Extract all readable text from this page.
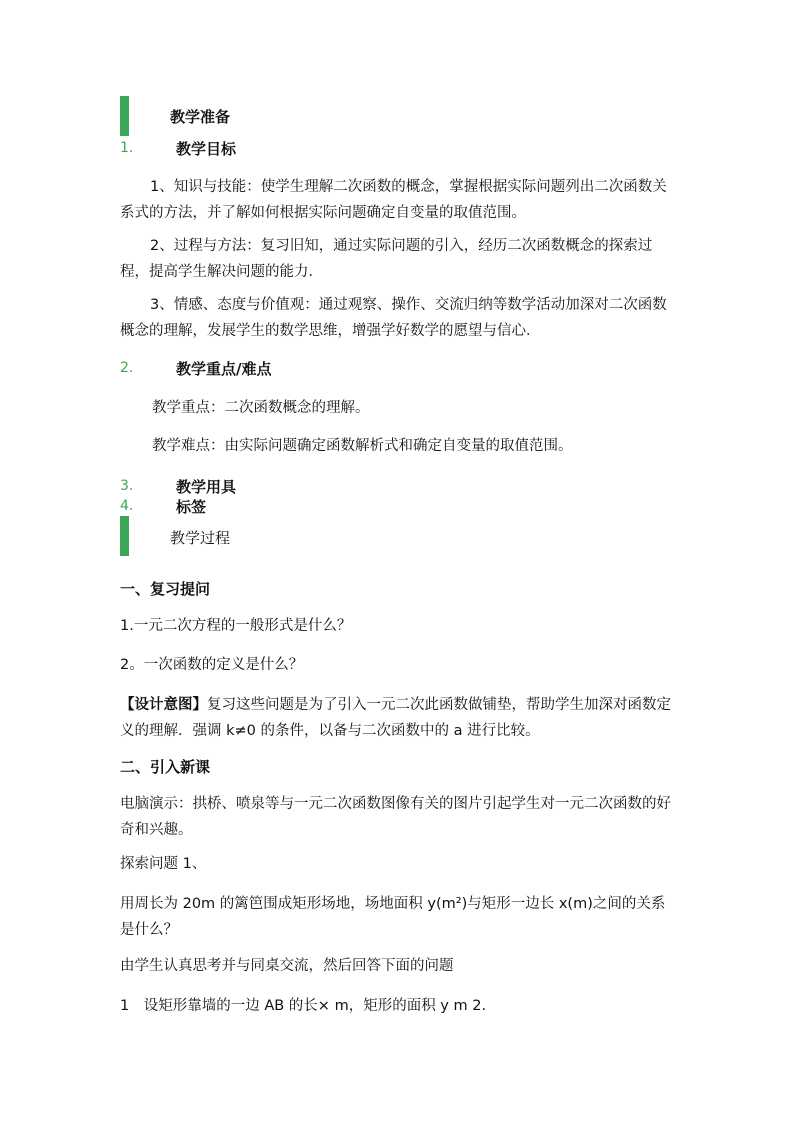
教学准备
1.	教学目标
1、知识与技能：使学生理解二次函数的概念，掌握根据实际问题列出二次函数关系式的方法，并了解如何根据实际问题确定自变量的取值范围。
2、过程与方法：复习旧知，通过实际问题的引入，经历二次函数概念的探索过程，提高学生解决问题的能力．
3、情感、态度与价值观：通过观察、操作、交流归纳等数学活动加深对二次函数概念的理解，发展学生的数学思维，增强学好数学的愿望与信心．
2.	教学重点/难点
教学重点：二次函数概念的理解。
教学难点：由实际问题确定函数解析式和确定自变量的取值范围。
3.	教学用具
4.	标签
教学过程
一、复习提问
1.一元二次方程的一般形式是什么？
2。一次函数的定义是什么？
【设计意图】复习这些问题是为了引入一元二次此函数做铺垫，帮助学生加深对函数定义的理解．强调 k≠0 的条件，以备与二次函数中的 a 进行比较。
二、引入新课
电脑演示：拱桥、喷泉等与一元二次函数图像有关的图片引起学生对一元二次函数的好奇和兴趣。
探索问题 1、
用周长为 20m 的篱笆围成矩形场地，场地面积 y(m²)与矩形一边长 x(m)之间的关系是什么？
由学生认真思考并与同桌交流，然后回答下面的问题
1　设矩形靠墙的一边 AB 的长× m，矩形的面积 y m 2.
